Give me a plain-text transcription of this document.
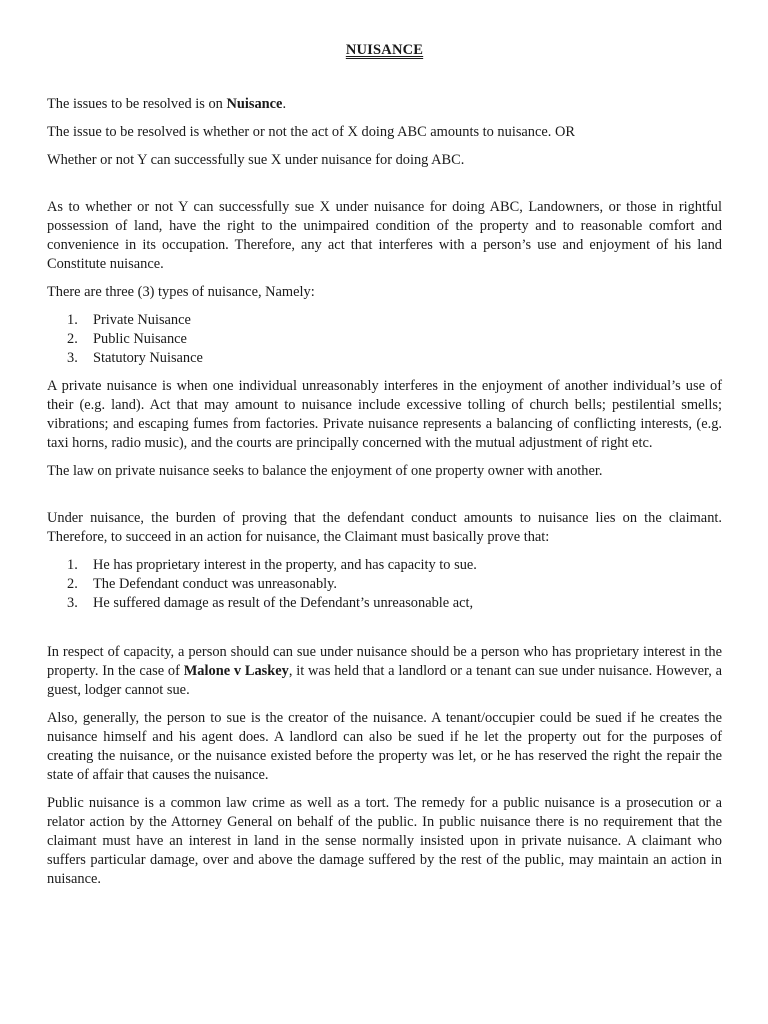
NUISANCE

The issues to be resolved is on Nuisance.

The issue to be resolved is whether or not the act of X doing ABC amounts to nuisance. OR

Whether or not Y can successfully sue X under nuisance for doing ABC.

As to whether or not Y can successfully sue X under nuisance for doing ABC, Landowners, or those in rightful possession of land, have the right to the unimpaired condition of the property and to reasonable comfort and convenience in its occupation. Therefore, any act that interferes with a person’s use and enjoyment of his land Constitute nuisance.

There are three (3) types of nuisance, Namely:

1.	Private Nuisance
2.	Public Nuisance
3.	Statutory Nuisance

A private nuisance is when one individual unreasonably interferes in the enjoyment of another individual’s use of their (e.g. land). Act that may amount to nuisance include excessive tolling of church bells; pestilential smells; vibrations; and escaping fumes from factories. Private nuisance represents a balancing of conflicting interests, (e.g. taxi horns, radio music), and the courts are principally concerned with the mutual adjustment of right etc.

The law on private nuisance seeks to balance the enjoyment of one property owner with another.

Under nuisance, the burden of proving that the defendant conduct amounts to nuisance lies on the claimant. Therefore, to succeed in an action for nuisance, the Claimant must basically prove that:

1.	He has proprietary interest in the property, and has capacity to sue.
2.	The Defendant conduct was unreasonably.
3.	He suffered damage as result of the Defendant’s unreasonable act,

In respect of capacity, a person should can sue under nuisance should be a person who has proprietary interest in the property. In the case of Malone v Laskey, it was held that a landlord or a tenant can sue under nuisance. However, a guest, lodger cannot sue.

Also, generally, the person to sue is the creator of the nuisance. A tenant/occupier could be sued if he creates the nuisance himself and his agent does. A landlord can also be sued if he let the property out for the purposes of creating the nuisance, or the nuisance existed before the property was let, or he has reserved the right the repair the state of affair that causes the nuisance.

Public nuisance is a common law crime as well as a tort. The remedy for a public nuisance is a prosecution or a relator action by the Attorney General on behalf of the public. In public nuisance there is no requirement that the claimant must have an interest in land in the sense normally insisted upon in private nuisance. A claimant who suffers particular damage, over and above the damage suffered by the rest of the public, may maintain an action in nuisance.
